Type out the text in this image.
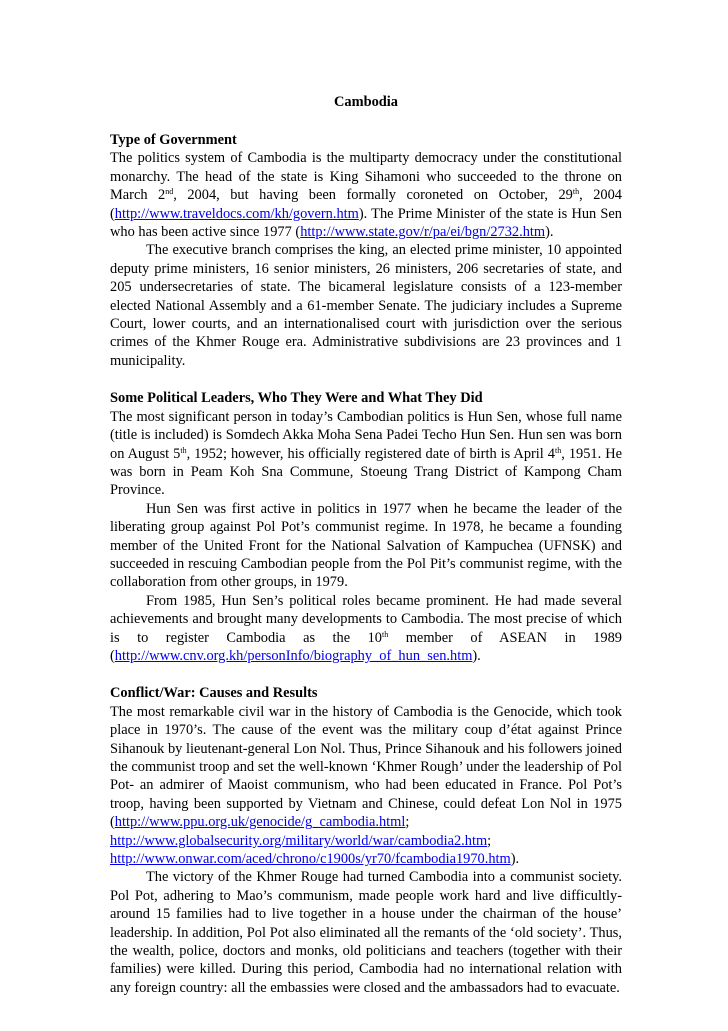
Cambodia
Type of Government

The politics system of Cambodia is the multiparty democracy under the constitutional monarchy. The head of the state is King Sihamoni who succeeded to the throne on March 2nd, 2004, but having been formally coroneted on October, 29th, 2004 (http://www.traveldocs.com/kh/govern.htm). The Prime Minister of the state is Hun Sen who has been active since 1977 (http://www.state.gov/r/pa/ei/bgn/2732.htm).

The executive branch comprises the king, an elected prime minister, 10 appointed deputy prime ministers, 16 senior ministers, 26 ministers, 206 secretaries of state, and 205 undersecretaries of state. The bicameral legislature consists of a 123-member elected National Assembly and a 61-member Senate. The judiciary includes a Supreme Court, lower courts, and an internationalised court with jurisdiction over the serious crimes of the Khmer Rouge era. Administrative subdivisions are 23 provinces and 1 municipality.

Some Political Leaders, Who They Were and What They Did

The most significant person in today’s Cambodian politics is Hun Sen, whose full name (title is included) is Somdech Akka Moha Sena Padei Techo Hun Sen. Hun sen was born on August 5th, 1952; however, his officially registered date of birth is April 4th, 1951. He was born in Peam Koh Sna Commune, Stoeung Trang District of Kampong Cham Province.

Hun Sen was first active in politics in 1977 when he became the leader of the liberating group against Pol Pot’s communist regime. In 1978, he became a founding member of the United Front for the National Salvation of Kampuchea (UFNSK) and succeeded in rescuing Cambodian people from the Pol Pit’s communist regime, with the collaboration from other groups, in 1979.

From 1985, Hun Sen’s political roles became prominent. He had made several achievements and brought many developments to Cambodia. The most precise of which is to register Cambodia as the 10th member of ASEAN in 1989 (http://www.cnv.org.kh/personInfo/biography_of_hun_sen.htm).

Conflict/War: Causes and Results

The most remarkable civil war in the history of Cambodia is the Genocide, which took place in 1970’s. The cause of the event was the military coup d’état against Prince Sihanouk by lieutenant-general Lon Nol. Thus, Prince Sihanouk and his followers joined the communist troop and set the well-known ‘Khmer Rough’ under the leadership of Pol Pot- an admirer of Maoist communism, who had been educated in France. Pol Pot’s troop, having been supported by Vietnam and Chinese, could defeat Lon Nol in 1975 (http://www.ppu.org.uk/genocide/g_cambodia.html; http://www.globalsecurity.org/military/world/war/cambodia2.htm; http://www.onwar.com/aced/chrono/c1900s/yr70/fcambodia1970.htm).

The victory of the Khmer Rouge had turned Cambodia into a communist society. Pol Pot, adhering to Mao’s communism, made people work hard and live difficultly- around 15 families had to live together in a house under the chairman of the house’ leadership. In addition, Pol Pot also eliminated all the remants of the ‘old society’. Thus, the wealth, police, doctors and monks, old politicians and teachers (together with their families) were killed. During this period, Cambodia had no international relation with any foreign country: all the embassies were closed and the ambassadors had to evacuate.
